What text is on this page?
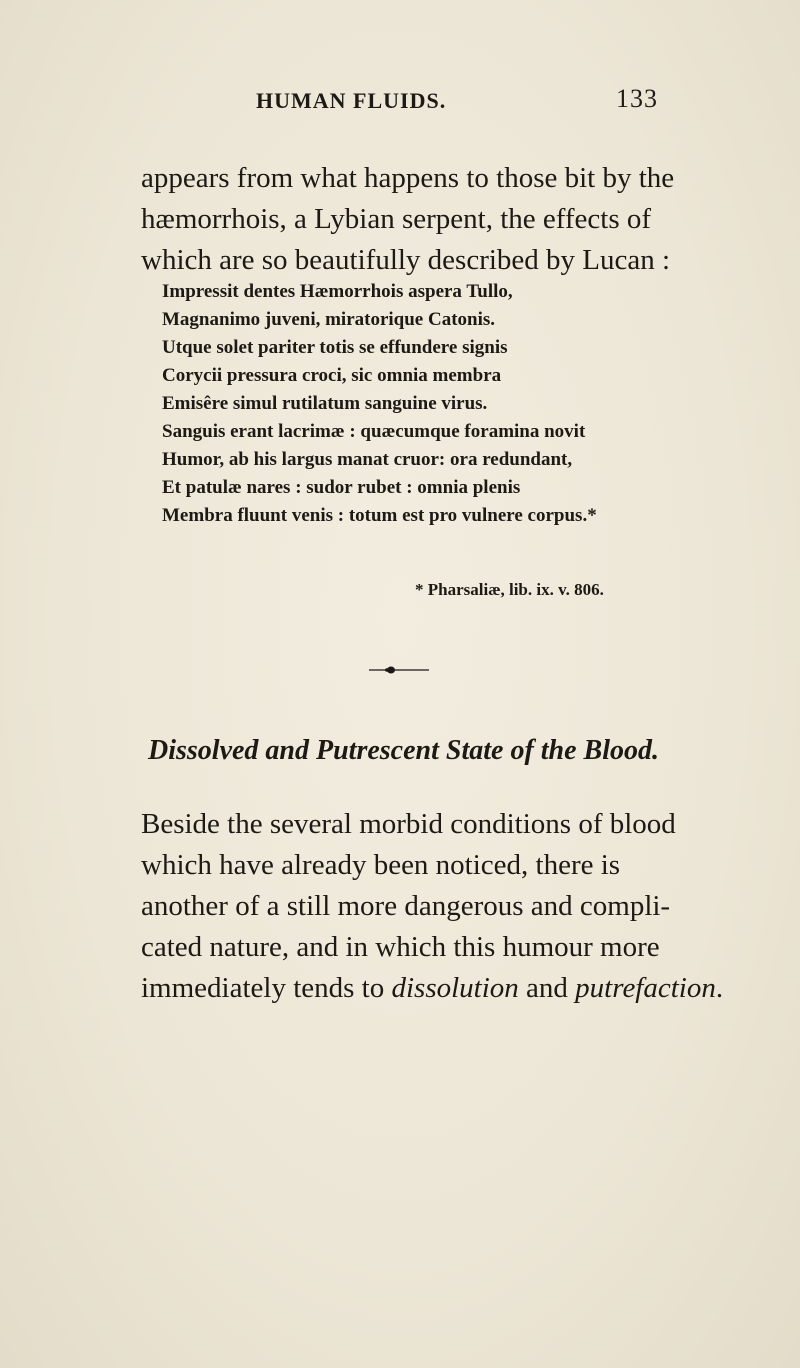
HUMAN FLUIDS.	133
appears from what happens to those bit by the
hæmorrhois, a Lybian serpent, the effects of
which are so beautifully described by Lucan :
Impressit dentes Hæmorrhois aspera Tullo,
Magnanimo juveni, miratorique Catonis.
Utque solet pariter totis se effundere signis
Corycii pressura croci, sic omnia membra
Emisêre simul rutilatum sanguine virus.
Sanguis erant lacrimæ : quæcumque foramina novit
Humor, ab his largus manat cruor: ora redundant,
Et patulæ nares : sudor rubet : omnia plenis
Membra fluunt venis : totum est pro vulnere corpus.*
* Pharsaliæ, lib. ix. v. 806.
Dissolved and Putrescent State of the Blood.
Beside the several morbid conditions of blood
which have already been noticed, there is
another of a still more dangerous and compli-
cated nature, and in which this humour more
immediately tends to dissolution and putrefaction.
